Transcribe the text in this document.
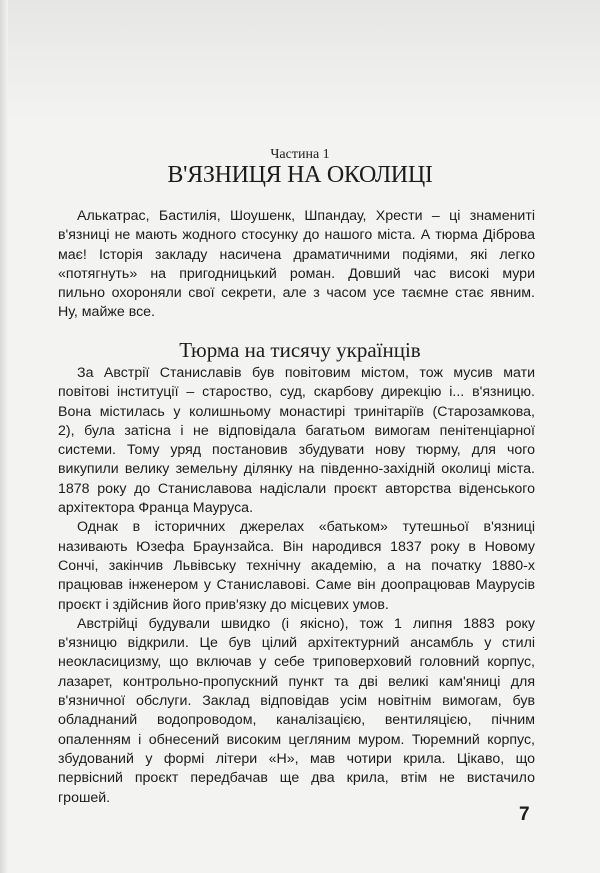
Частина 1
В'ЯЗНИЦЯ НА ОКОЛИЦІ
Алькатрас, Бастилія, Шоушенк, Шпандау, Хрести – ці знамениті
в'язниці не мають жодного стосунку до нашого міста. А тюрма Діброва
має! Історія закладу насичена драматичними подіями, які легко
«потягнуть» на пригодницький роман. Довший час високі мури
пильно охороняли свої секрети, але з часом усе таємне стає явним.
Ну, майже все.
Тюрма на тисячу українців
За Австрії Станиславів був повітовим містом, тож мусив мати
повітові інституції – староство, суд, скарбову дирекцію і... в'язницю.
Вона містилась у колишньому монастирі тринітаріїв (Старозамкова,
2), була затісна і не відповідала багатьом вимогам пенітенціарної
системи. Тому уряд постановив збудувати нову тюрму, для чого
викупили велику земельну ділянку на південно-західній околиці міста.
1878 року до Станиславова надіслали проєкт авторства віденського
архітектора Франца Мауруса.
Однак в історичних джерелах «батьком» тутешньої в'язниці
називають Юзефа Браунзайса. Він народився 1837 року в Новому
Сончі, закінчив Львівську технічну академію, а на початку 1880-х
працював інженером у Станиславові. Саме він доопрацював Маурусів
проєкт і здійснив його прив'язку до місцевих умов.
Австрійці будували швидко (і якісно), тож 1 липня 1883 року
в'язницю відкрили. Це був цілий архітектурний ансамбль у стилі
неокласицизму, що включав у себе триповерховий головний корпус,
лазарет, контрольно-пропускний пункт та дві великі кам'яниці для
в'язничної обслуги. Заклад відповідав усім новітнім вимогам, був
обладнаний водопроводом, каналізацією, вентиляцією, пічним
опаленням і обнесений високим цегляним муром. Тюремний корпус,
збудований у формі літери «Н», мав чотири крила. Цікаво, що
первісний проєкт передбачав ще два крила, втім не вистачило
грошей.
7
